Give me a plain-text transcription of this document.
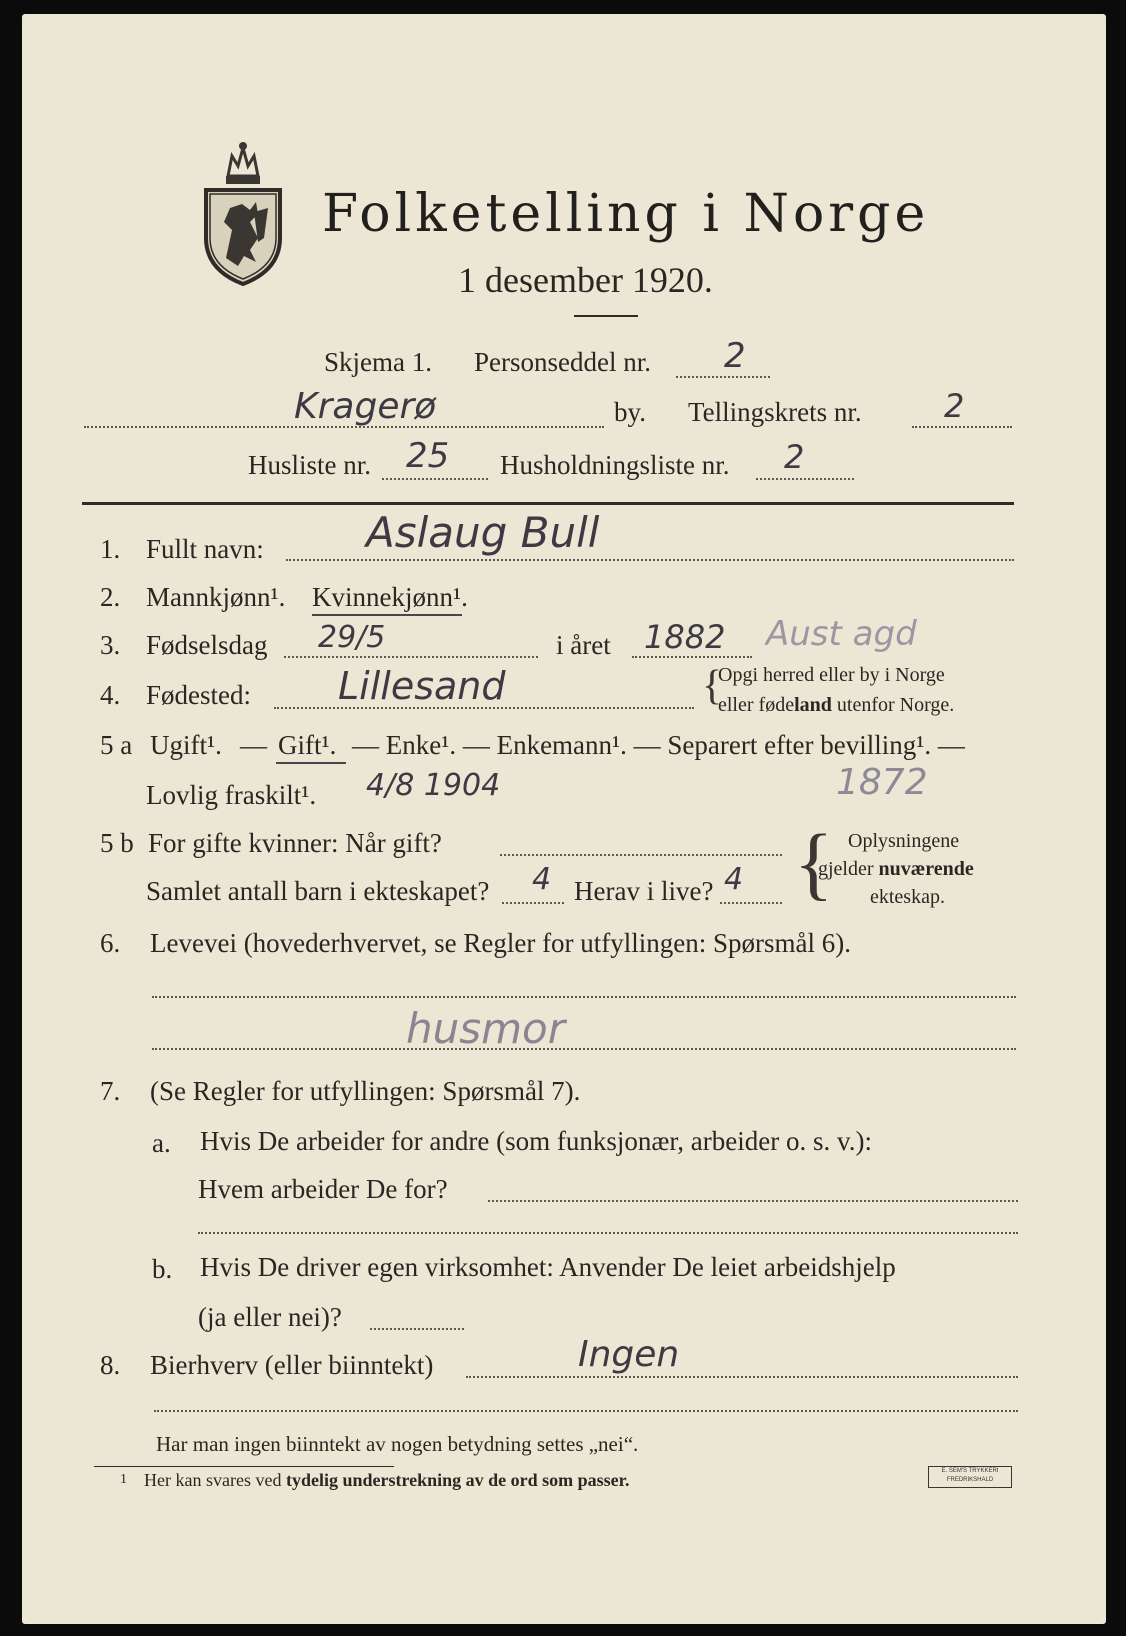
Folketelling i Norge
1 desember 1920.
Skjema 1. Personseddel nr. 2
Kragerø	by. Tellingskrets nr.	2
Husliste nr. 25 Husholdningsliste nr. 2
1. Fullt navn: Aslaug Bull
2. Mannkjønn¹. Kvinnekjønn¹.
3. Fødselsdag 29/5	i året 1882 Aust agd
4. Fødested: Lillesand	{
Opgi herred eller by i Norge
eller fødeland utenfor Norge.
5 a Ugift¹. — Gift¹. — Enke¹. — Enkemann¹. — Separert efter bevilling¹. —
Lovlig fraskilt¹. 4/8 1904	1872
5 b For gifte kvinner: Når gift?
Samlet antall barn i ekteskapet? 4 Herav i live? 4 { Oplysningene
gjelder nuværende
ekteskap.
6. Levevei (hovederhvervet, se Regler for utfyllingen: Spørsmål 6).
husmor
7. (Se Regler for utfyllingen: Spørsmål 7).
a. Hvis De arbeider for andre (som funksjonær, arbeider o. s. v.):
Hvem arbeider De for?
b. Hvis De driver egen virksomhet: Anvender De leiet arbeidshjelp
(ja eller nei)?
8. Bierhverv (eller biinntekt)	Ingen
Har man ingen biinntekt av nogen betydning settes „nei“.
1 Her kan svares ved tydelig understrekning av de ord som passer.	E. SEM'S TRYKKERI
FREDRIKSHALD
